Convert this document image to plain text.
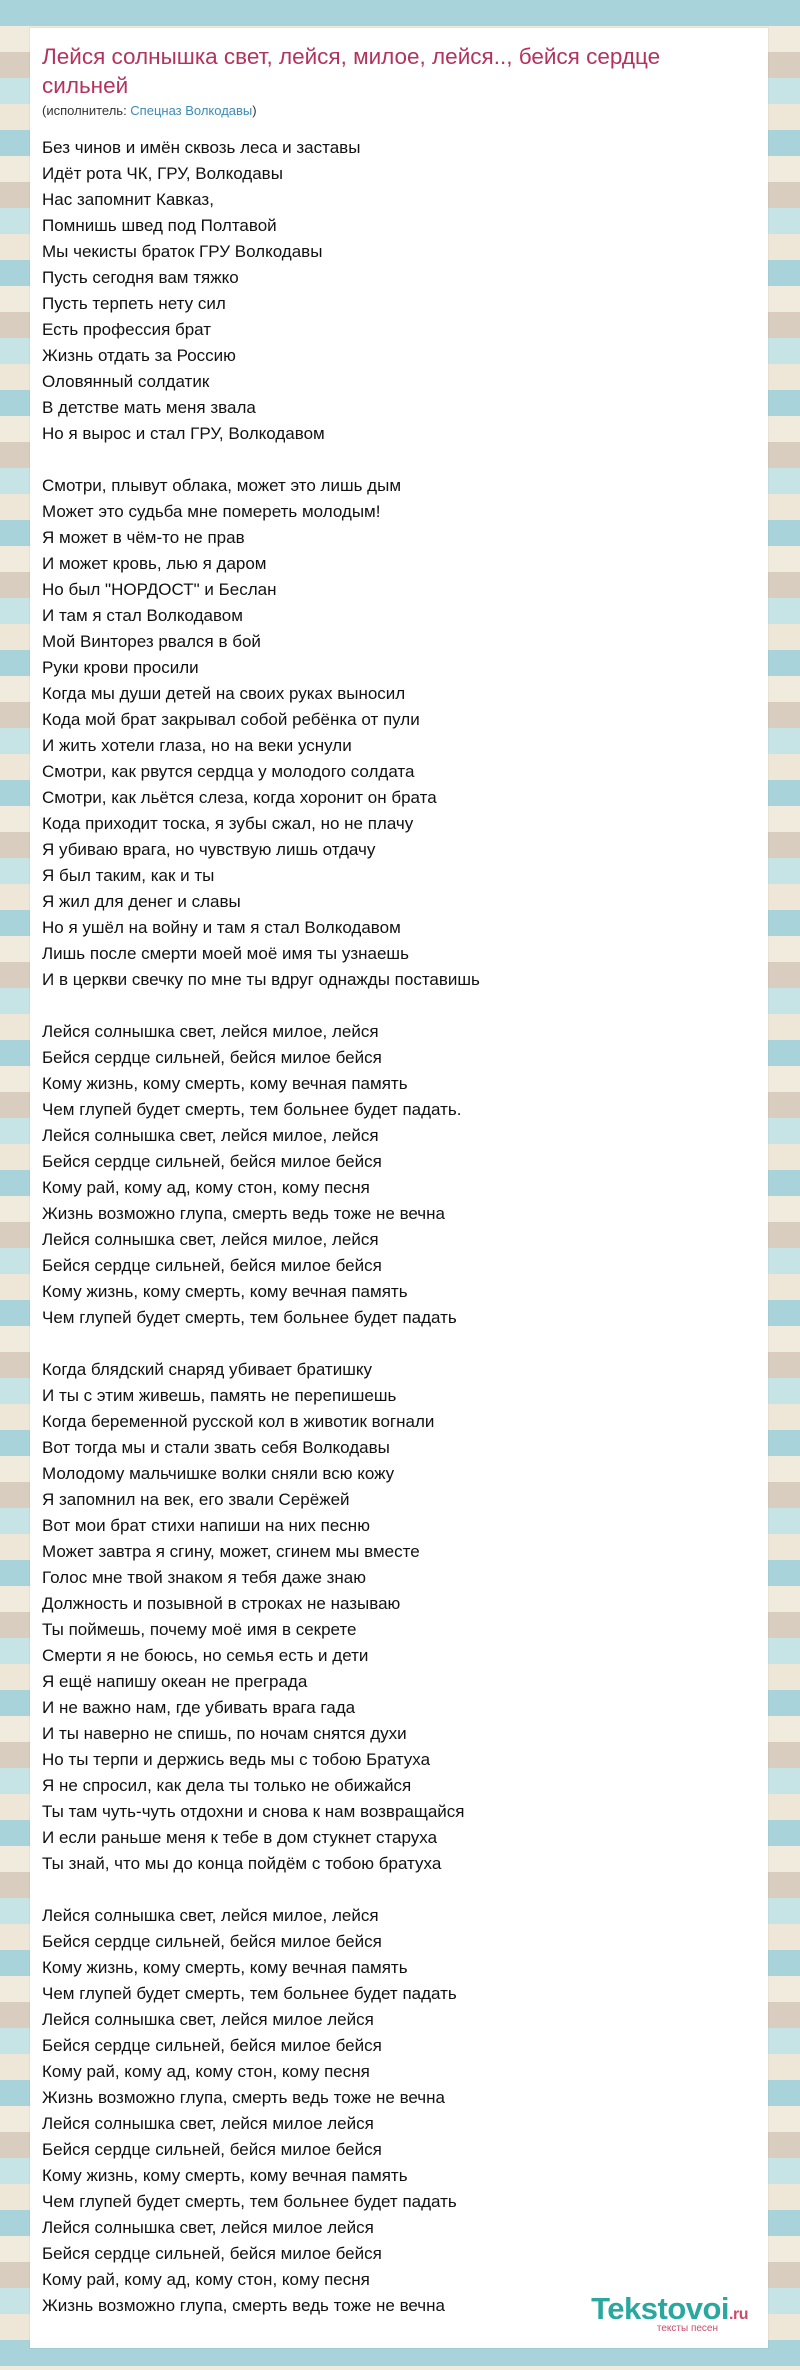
Лейся солнышка свет, лейся, милое, лейся.., бейся сердце сильней
(исполнитель: Спецназ Волкодавы)
Без чинов и имён сквозь леса и заставы
Идёт рота ЧК, ГРУ, Волкодавы
Нас запомнит Кавказ,
Помнишь швед под Полтавой
Мы чекисты браток ГРУ Волкодавы
Пусть сегодня вам тяжко
Пусть терпеть нету сил
Есть профессия брат
Жизнь отдать за Россию
Оловянный солдатик
В детстве мать меня звала
Но я вырос и стал ГРУ, Волкодавом
Смотри, плывут облака, может это лишь дым
Может это судьба мне помереть молодым!
Я может в чём-то не прав
И может кровь, лью я даром
Но был "НОРДОСТ" и Беслан
И там я стал Волкодавом
Мой Винторез рвался в бой
Руки крови просили
Когда мы души детей на своих руках выносил
Кода мой брат закрывал собой ребёнка от пули
И жить хотели глаза, но на веки уснули
Смотри, как рвутся сердца у молодого солдата
Смотри, как льётся слеза, когда хоронит он брата
Кода приходит тоска, я зубы сжал, но не плачу
Я убиваю врага, но чувствую лишь отдачу
Я был таким, как и ты
Я жил для денег и славы
Но я ушёл на войну и там я стал Волкодавом
Лишь после смерти моей моё имя ты узнаешь
И в церкви свечку по мне ты вдруг однажды поставишь
Лейся солнышка свет, лейся милое, лейся
Бейся сердце сильней, бейся милое бейся
Кому жизнь, кому смерть, кому вечная память
Чем глупей будет смерть, тем больнее будет падать.
Лейся солнышка свет, лейся милое, лейся
Бейся сердце сильней, бейся милое бейся
Кому рай, кому ад, кому стон, кому песня
Жизнь возможно глупа, смерть ведь тоже не вечна
Лейся солнышка свет, лейся милое, лейся
Бейся сердце сильней, бейся милое бейся
Кому жизнь, кому смерть, кому вечная память
Чем глупей будет смерть, тем больнее будет падать
Когда блядский снаряд убивает братишку
И ты с этим живешь, память не перепишешь
Когда беременной русской кол в животик вогнали
Вот тогда мы и стали звать себя Волкодавы
Молодому мальчишке волки сняли всю кожу
Я запомнил на век, его звали Серёжей
Вот мои брат стихи напиши на них песню
Может завтра я сгину, может, сгинем мы вместе
Голос мне твой знаком я тебя даже знаю
Должность и позывной в строках не называю
Ты поймешь, почему моё имя в секрете
Смерти я не боюсь, но семья есть и дети
Я ещё напишу океан не преграда
И не важно нам, где убивать врага гада
И ты наверно не спишь, по ночам снятся духи
Но ты терпи и держись ведь мы с тобою Братуха
Я не спросил, как дела ты только не обижайся
Ты там чуть-чуть отдохни и снова к нам возвращайся
И если раньше меня к тебе в дом стукнет старуха
Ты знай, что мы до конца пойдём с тобою братуха
Лейся солнышка свет, лейся милое, лейся
Бейся сердце сильней, бейся милое бейся
Кому жизнь, кому смерть, кому вечная память
Чем глупей будет смерть, тем больнее будет падать
Лейся солнышка свет, лейся милое лейся
Бейся сердце сильней, бейся милое бейся
Кому рай, кому ад, кому стон, кому песня
Жизнь возможно глупа, смерть ведь тоже не вечна
Лейся солнышка свет, лейся милое лейся
Бейся сердце сильней, бейся милое бейся
Кому жизнь, кому смерть, кому вечная память
Чем глупей будет смерть, тем больнее будет падать
Лейся солнышка свет, лейся милое лейся
Бейся сердце сильней, бейся милое бейся
Кому рай, кому ад, кому стон, кому песня
Жизнь возможно глупа, смерть ведь тоже не вечна	Tekstovoi.ru
тексты песен
